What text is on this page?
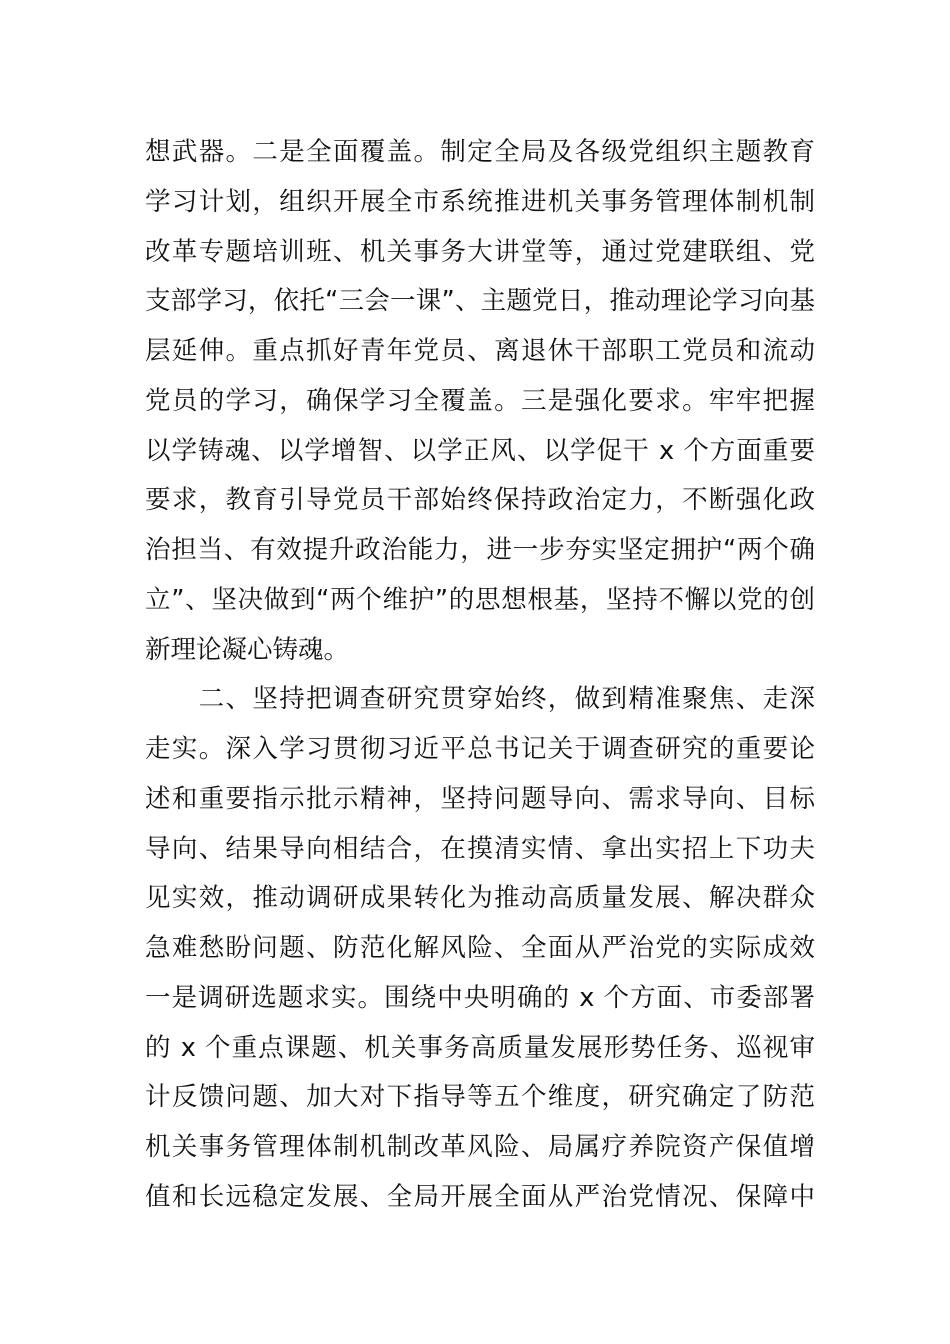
想武器。二是全面覆盖。制定全局及各级党组织主题教育
学习计划，组织开展全市系统推进机关事务管理体制机制
改革专题培训班、机关事务大讲堂等，通过党建联组、党
支部学习，依托“三会一课”、主题党日，推动理论学习向基
层延伸。重点抓好青年党员、离退休干部职工党员和流动
党员的学习，确保学习全覆盖。三是强化要求。牢牢把握
以学铸魂、以学增智、以学正风、以学促干 x 个方面重要
要求，教育引导党员干部始终保持政治定力，不断强化政
治担当、有效提升政治能力，进一步夯实坚定拥护“两个确
立”、坚决做到“两个维护”的思想根基，坚持不懈以党的创
新理论凝心铸魂。
　　二、坚持把调查研究贯穿始终，做到精准聚焦、走深
走实。深入学习贯彻习近平总书记关于调查研究的重要论
述和重要指示批示精神，坚持问题导向、需求导向、目标
导向、结果导向相结合，在摸清实情、拿出实招上下功夫
见实效，推动调研成果转化为推动高质量发展、解决群众
急难愁盼问题、防范化解风险、全面从严治党的实际成效
一是调研选题求实。围绕中央明确的 x 个方面、市委部署
的 x 个重点课题、机关事务高质量发展形势任务、巡视审
计反馈问题、加大对下指导等五个维度，研究确定了防范
机关事务管理体制机制改革风险、局属疗养院资产保值增
值和长远稳定发展、全局开展全面从严治党情况、保障中
